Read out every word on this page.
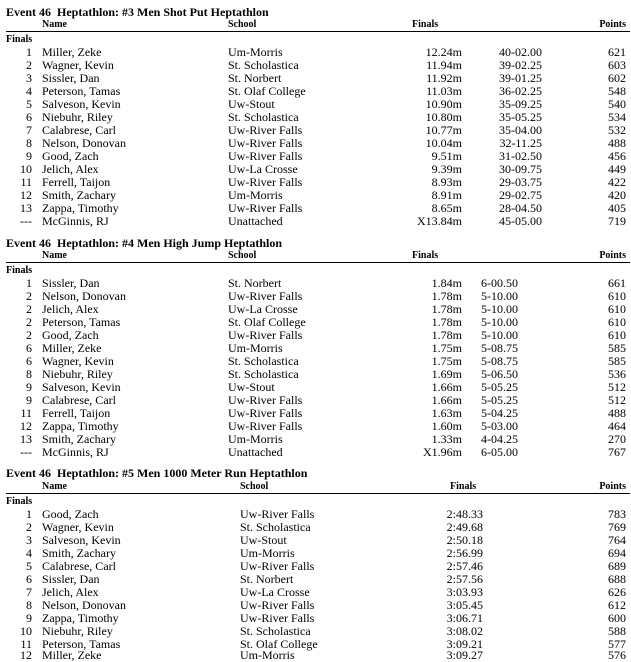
Event 46  Heptathlon: #3 Men Shot Put Heptathlon
Name	School	Finals	Points
Finals
1 Miller, Zeke	Um-Morris	12.24m	40-02.00	621
2 Wagner, Kevin	St. Scholastica	11.94m	39-02.25	603
3 Sissler, Dan	St. Norbert	11.92m	39-01.25	602
4 Peterson, Tamas	St. Olaf College	11.03m	36-02.25	548
5 Salveson, Kevin	Uw-Stout	10.90m	35-09.25	540
6 Niebuhr, Riley	St. Scholastica	10.80m	35-05.25	534
7 Calabrese, Carl	Uw-River Falls	10.77m	35-04.00	532
8 Nelson, Donovan	Uw-River Falls	10.04m	32-11.25	488
9 Good, Zach	Uw-River Falls	9.51m	31-02.50	456
10 Jelich, Alex	Uw-La Crosse	9.39m	30-09.75	449
11 Ferrell, Taijon	Uw-River Falls	8.93m	29-03.75	422
12 Smith, Zachary	Um-Morris	8.91m	29-02.75	420
13 Zappa, Timothy	Uw-River Falls	8.65m	28-04.50	405
--- McGinnis, RJ	Unattached	X13.84m	45-05.00	719
Event 46  Heptathlon: #4 Men High Jump Heptathlon
Name	School	Finals	Points
Finals
1 Sissler, Dan	St. Norbert	1.84m	6-00.50	661
2 Nelson, Donovan	Uw-River Falls	1.78m	5-10.00	610
2 Jelich, Alex	Uw-La Crosse	1.78m	5-10.00	610
2 Peterson, Tamas	St. Olaf College	1.78m	5-10.00	610
2 Good, Zach	Uw-River Falls	1.78m	5-10.00	610
6 Miller, Zeke	Um-Morris	1.75m	5-08.75	585
6 Wagner, Kevin	St. Scholastica	1.75m	5-08.75	585
8 Niebuhr, Riley	St. Scholastica	1.69m	5-06.50	536
9 Salveson, Kevin	Uw-Stout	1.66m	5-05.25	512
9 Calabrese, Carl	Uw-River Falls	1.66m	5-05.25	512
11 Ferrell, Taijon	Uw-River Falls	1.63m	5-04.25	488
12 Zappa, Timothy	Uw-River Falls	1.60m	5-03.00	464
13 Smith, Zachary	Um-Morris	1.33m	4-04.25	270
--- McGinnis, RJ	Unattached	X1.96m	6-05.00	767
Event 46  Heptathlon: #5 Men 1000 Meter Run Heptathlon
Name	School	Finals	Points
Finals
1 Good, Zach	Uw-River Falls	2:48.33	783
2 Wagner, Kevin	St. Scholastica	2:49.68	769
3 Salveson, Kevin	Uw-Stout	2:50.18	764
4 Smith, Zachary	Um-Morris	2:56.99	694
5 Calabrese, Carl	Uw-River Falls	2:57.46	689
6 Sissler, Dan	St. Norbert	2:57.56	688
7 Jelich, Alex	Uw-La Crosse	3:03.93	626
8 Nelson, Donovan	Uw-River Falls	3:05.45	612
9 Zappa, Timothy	Uw-River Falls	3:06.71	600
10 Niebuhr, Riley	St. Scholastica	3:08.02	588
11 Peterson, Tamas	St. Olaf College	3:09.21	577
12 Miller, Zeke	Um-Morris	3:09.27	576
